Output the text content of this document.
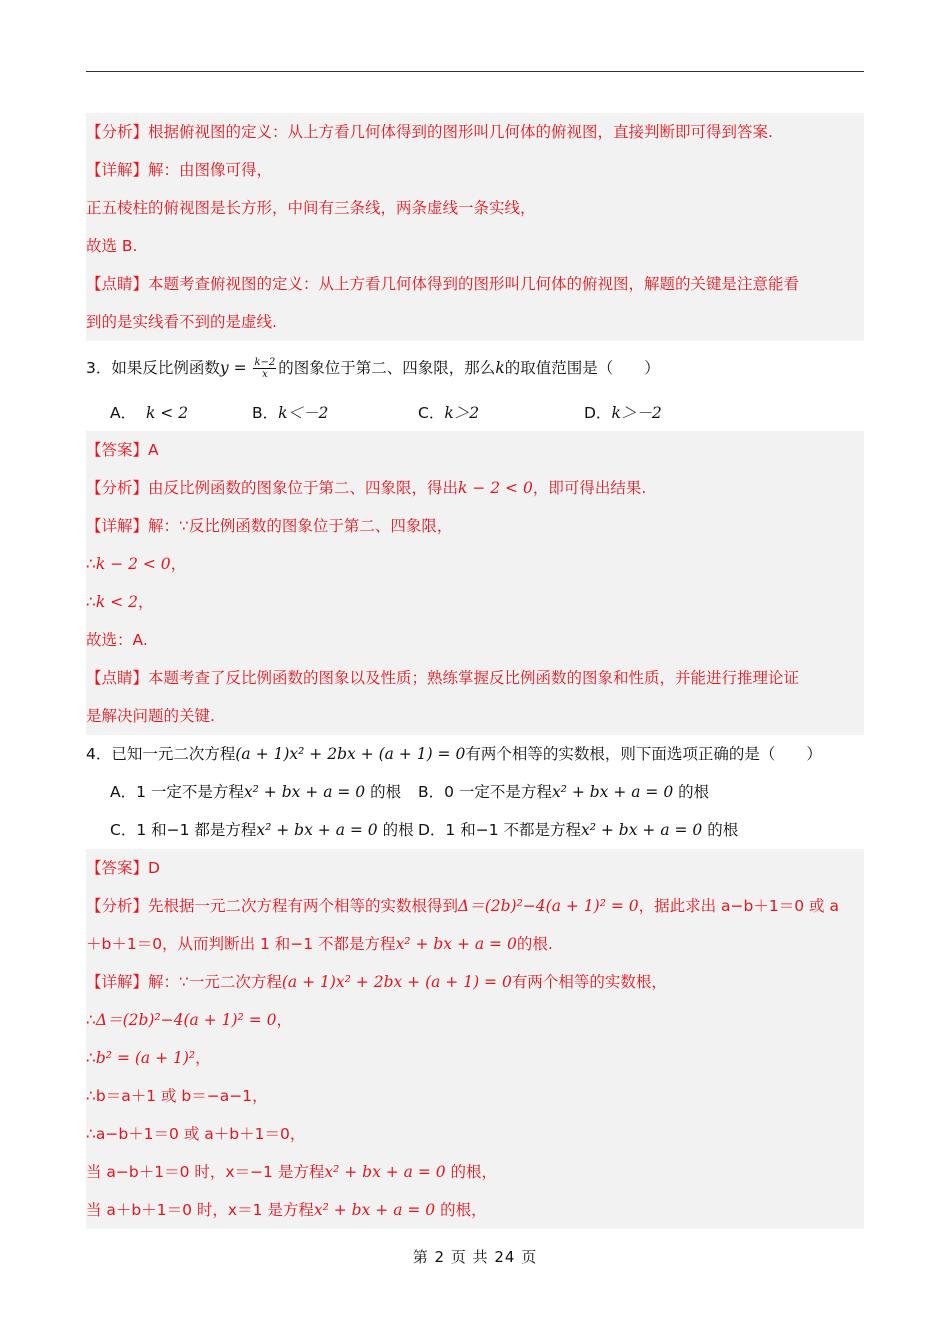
【分析】根据俯视图的定义：从上方看几何体得到的图形叫几何体的俯视图，直接判断即可得到答案.
【详解】解：由图像可得，
正五棱柱的俯视图是长方形，中间有三条线，两条虚线一条实线，
故选 B.
【点睛】本题考查俯视图的定义：从上方看几何体得到的图形叫几何体的俯视图，解题的关键是注意能看
到的是实线看不到的是虚线.
3．如果反比例函数$y = \frac{k-2}{x}$ 的图象位于第二、四象限，那么k的取值范围是（　　）
A． k < 2	B．k＜－2	C．k＞2	D．k＞－2
【答案】A
【分析】由反比例函数的图象位于第二、四象限，得出k − 2 < 0，即可得出结果.
【详解】解：∵反比例函数的图象位于第二、四象限，
∴k − 2 < 0，
∴k < 2，
故选：A.
【点睛】本题考查了反比例函数的图象以及性质；熟练掌握反比例函数的图象和性质，并能进行推理论证
是解决问题的关键.
4．已知一元二次方程(a + 1)x² + 2bx + (a + 1) = 0有两个相等的实数根，则下面选项正确的是（　　）
A．1 一定不是方程x² + bx + a = 0 的根 B．0 一定不是方程x² + bx + a = 0 的根
C．1 和−1 都是方程x² + bx + a = 0 的根 D．1 和−1 不都是方程x² + bx + a = 0 的根
【答案】D
【分析】先根据一元二次方程有两个相等的实数根得到Δ＝(2b)²−4(a + 1)² = 0，据此求出 a−b＋1＝0 或 a
＋b＋1＝0，从而判断出 1 和−1 不都是方程x² + bx + a = 0的根.
【详解】解：∵一元二次方程(a + 1)x² + 2bx + (a + 1) = 0有两个相等的实数根，
∴Δ＝(2b)²−4(a + 1)² = 0，
∴b² = (a + 1)²，
∴b＝a＋1 或 b＝−a−1，
∴a−b＋1＝0 或 a＋b＋1＝0，
当 a−b＋1＝0 时，x＝−1 是方程x² + bx + a = 0 的根，
当 a＋b＋1＝0 时，x＝1 是方程x² + bx + a = 0 的根，
第 2 页 共 24 页
